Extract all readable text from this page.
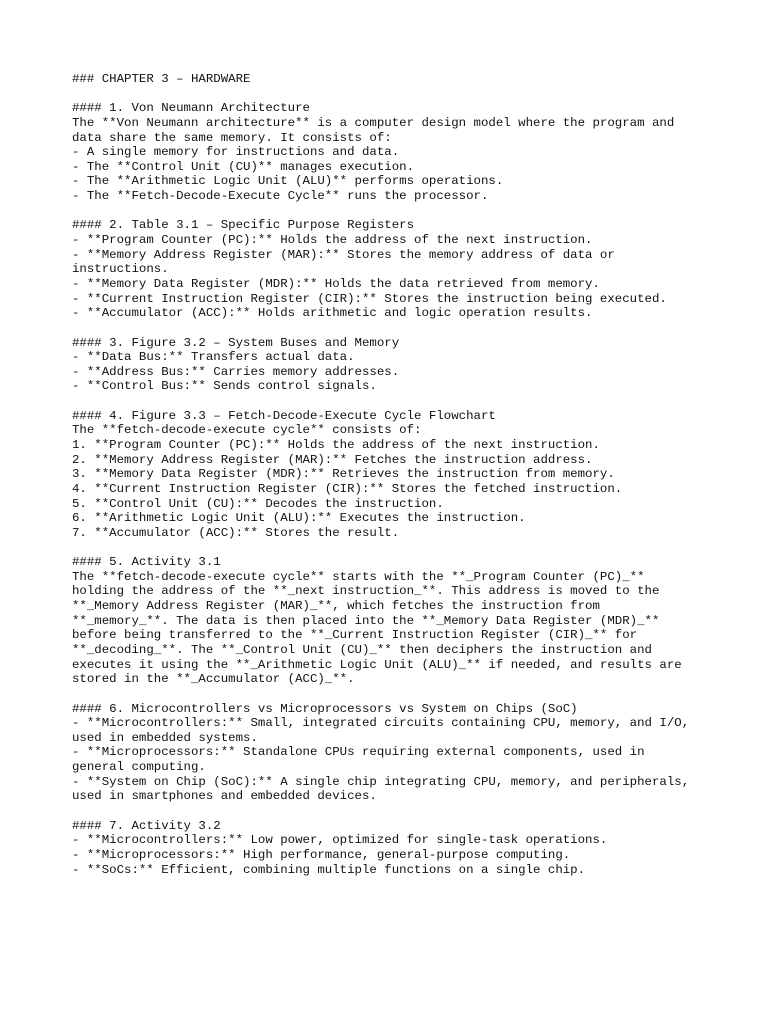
### CHAPTER 3 – HARDWARE
#### 1. Von Neumann Architecture
The **Von Neumann architecture** is a computer design model where the program and
data share the same memory. It consists of:
- A single memory for instructions and data.
- The **Control Unit (CU)** manages execution.
- The **Arithmetic Logic Unit (ALU)** performs operations.
- The **Fetch-Decode-Execute Cycle** runs the processor.
#### 2. Table 3.1 – Specific Purpose Registers
- **Program Counter (PC):** Holds the address of the next instruction.
- **Memory Address Register (MAR):** Stores the memory address of data or
instructions.
- **Memory Data Register (MDR):** Holds the data retrieved from memory.
- **Current Instruction Register (CIR):** Stores the instruction being executed.
- **Accumulator (ACC):** Holds arithmetic and logic operation results.
#### 3. Figure 3.2 – System Buses and Memory
- **Data Bus:** Transfers actual data.
- **Address Bus:** Carries memory addresses.
- **Control Bus:** Sends control signals.
#### 4. Figure 3.3 – Fetch-Decode-Execute Cycle Flowchart
The **fetch-decode-execute cycle** consists of:
1. **Program Counter (PC):** Holds the address of the next instruction.
2. **Memory Address Register (MAR):** Fetches the instruction address.
3. **Memory Data Register (MDR):** Retrieves the instruction from memory.
4. **Current Instruction Register (CIR):** Stores the fetched instruction.
5. **Control Unit (CU):** Decodes the instruction.
6. **Arithmetic Logic Unit (ALU):** Executes the instruction.
7. **Accumulator (ACC):** Stores the result.
#### 5. Activity 3.1
The **fetch-decode-execute cycle** starts with the **_Program Counter (PC)_**
holding the address of the **_next instruction_**. This address is moved to the
**_Memory Address Register (MAR)_**, which fetches the instruction from
**_memory_**. The data is then placed into the **_Memory Data Register (MDR)_**
before being transferred to the **_Current Instruction Register (CIR)_** for
**_decoding_**. The **_Control Unit (CU)_** then deciphers the instruction and
executes it using the **_Arithmetic Logic Unit (ALU)_** if needed, and results are
stored in the **_Accumulator (ACC)_**.
#### 6. Microcontrollers vs Microprocessors vs System on Chips (SoC)
- **Microcontrollers:** Small, integrated circuits containing CPU, memory, and I/O,
used in embedded systems.
- **Microprocessors:** Standalone CPUs requiring external components, used in
general computing.
- **System on Chip (SoC):** A single chip integrating CPU, memory, and peripherals,
used in smartphones and embedded devices.
#### 7. Activity 3.2
- **Microcontrollers:** Low power, optimized for single-task operations.
- **Microprocessors:** High performance, general-purpose computing.
- **SoCs:** Efficient, combining multiple functions on a single chip.
